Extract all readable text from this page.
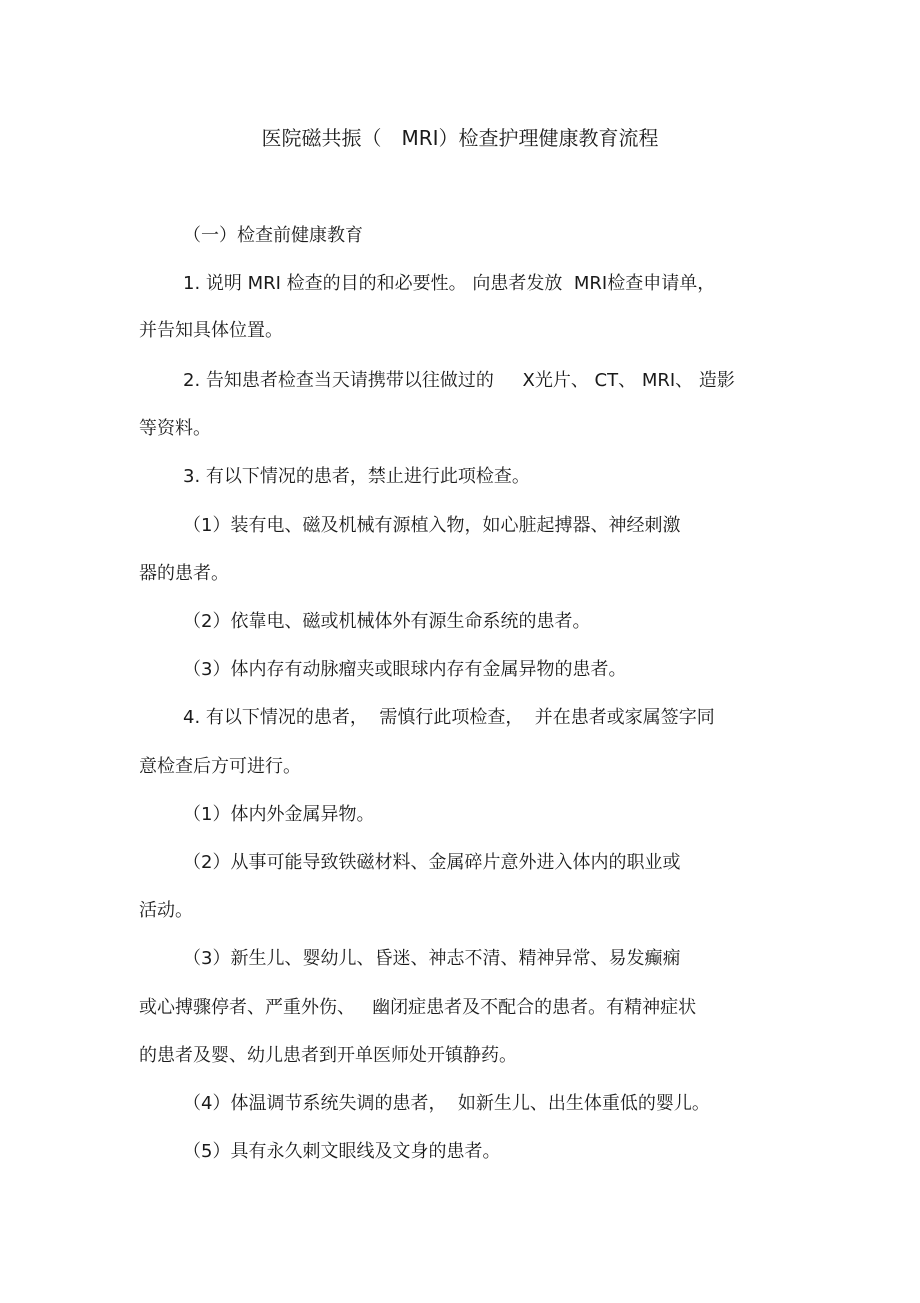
医院磁共振（　MRI）检查护理健康教育流程
（一）检查前健康教育
1. 说明 MRI 检查的目的和必要性。 向患者发放  MRI检查申请单，
并告知具体位置。
2. 告知患者检查当天请携带以往做过的     X光片、 CT、 MRI、 造影
等资料。
3. 有以下情况的患者，禁止进行此项检查。
（1）装有电、磁及机械有源植入物，如心脏起搏器、神经刺激
器的患者。
（2）依靠电、磁或机械体外有源生命系统的患者。
（3）体内存有动脉瘤夹或眼球内存有金属异物的患者。
4. 有以下情况的患者，  需慎行此项检查，  并在患者或家属签字同
意检查后方可进行。
（1）体内外金属异物。
（2）从事可能导致铁磁材料、金属碎片意外进入体内的职业或
活动。
（3）新生儿、婴幼儿、昏迷、神志不清、精神异常、易发癫痫
或心搏骤停者、严重外伤、   幽闭症患者及不配合的患者。有精神症状
的患者及婴、幼儿患者到开单医师处开镇静药。
（4）体温调节系统失调的患者，  如新生儿、出生体重低的婴儿。
（5）具有永久刺文眼线及文身的患者。
